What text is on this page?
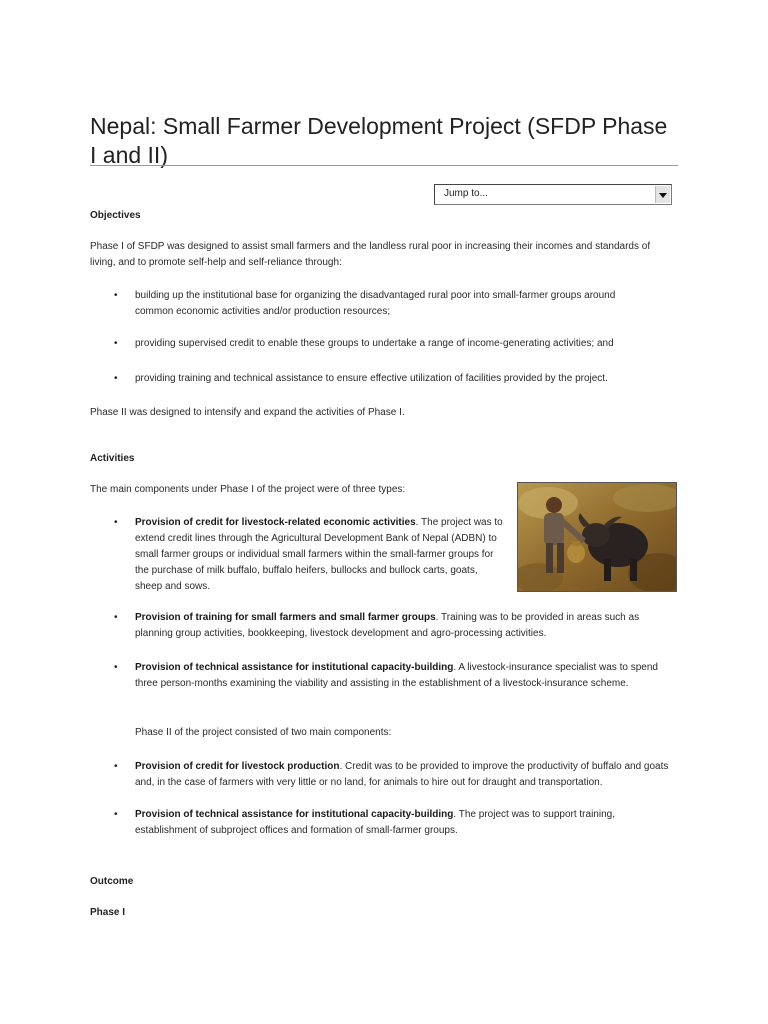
Nepal: Small Farmer Development Project (SFDP Phase I and II)
Jump to...
Objectives
Phase I of SFDP was designed to assist small farmers and the landless rural poor in increasing their incomes and standards of living, and to promote self-help and self-reliance through:
• building up the institutional base for organizing the disadvantaged rural poor into small-farmer groups around common economic activities and/or production resources;
• providing supervised credit to enable these groups to undertake a range of income-generating activities; and
• providing training and technical assistance to ensure effective utilization of facilities provided by the project.
Phase II was designed to intensify and expand the activities of Phase I.
Activities
The main components under Phase I of the project were of three types:
• Provision of credit for livestock-related economic activities. The project was to extend credit lines through the Agricultural Development Bank of Nepal (ADBN) to small farmer groups or individual small farmers within the small-farmer groups for the purchase of milk buffalo, buffalo heifers, bullocks and bullock carts, goats, sheep and sows.
• Provision of training for small farmers and small farmer groups. Training was to be provided in areas such as planning group activities, bookkeeping, livestock development and agro-processing activities.
• Provision of technical assistance for institutional capacity-building. A livestock-insurance specialist was to spend three person-months examining the viability and assisting in the establishment of a livestock-insurance scheme.
Phase II of the project consisted of two main components:
• Provision of credit for livestock production. Credit was to be provided to improve the productivity of buffalo and goats and, in the case of farmers with very little or no land, for animals to hire out for draught and transportation.
• Provision of technical assistance for institutional capacity-building. The project was to support training, establishment of subproject offices and formation of small-farmer groups.
Outcome
Phase I
